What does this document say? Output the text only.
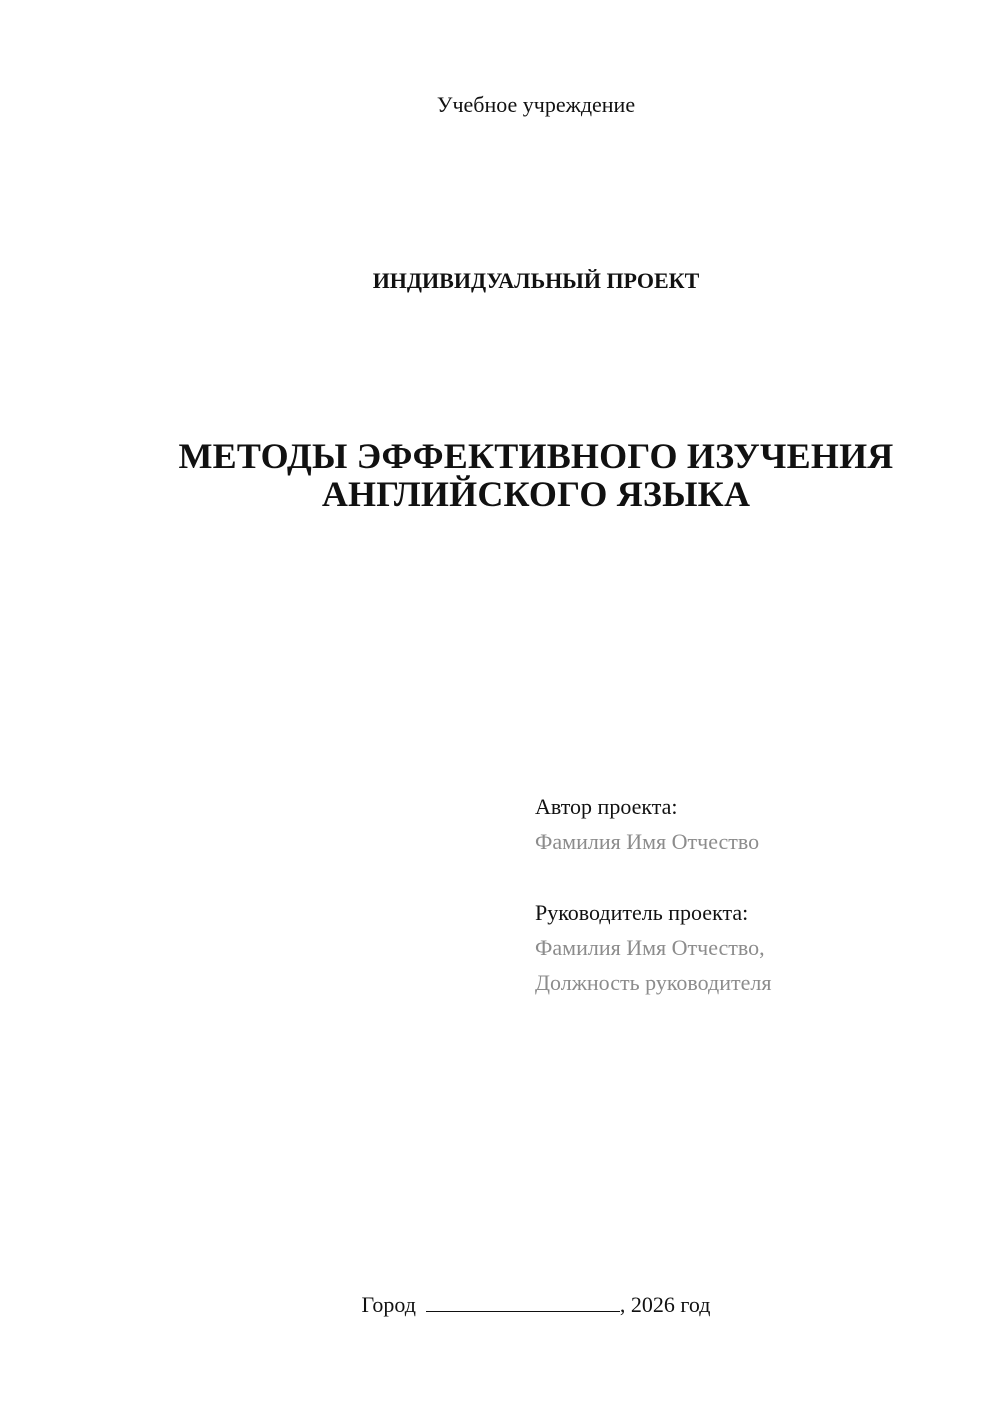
Учебное учреждение
ИНДИВИДУАЛЬНЫЙ ПРОЕКТ
МЕТОДЫ ЭФФЕКТИВНОГО ИЗУЧЕНИЯ
АНГЛИЙСКОГО ЯЗЫКА
Автор проекта:
Фамилия Имя Отчество
Руководитель проекта:
Фамилия Имя Отчество,
Должность руководителя
Город	, 2026 год
